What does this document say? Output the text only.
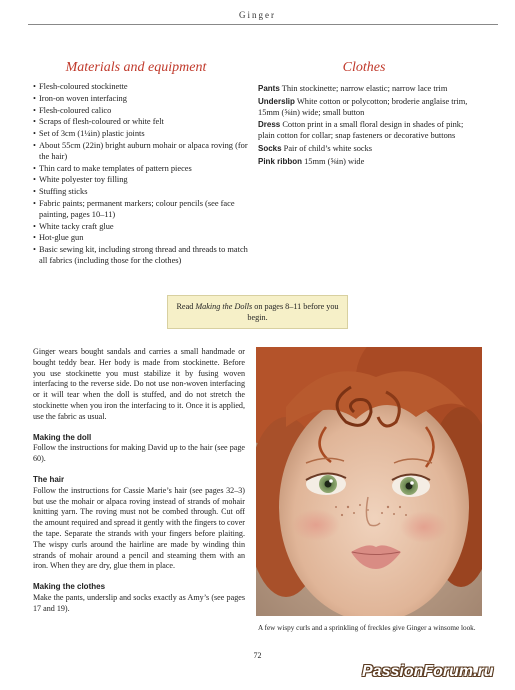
Ginger
Materials and equipment
• Flesh-coloured stockinette
• Iron-on woven interfacing
• Flesh-coloured calico
• Scraps of flesh-coloured or white felt
• Set of 3cm (1¼in) plastic joints
• About 55cm (22in) bright auburn mohair or alpaca roving (for the hair)
• Thin card to make templates of pattern pieces
• White polyester toy filling
• Stuffing sticks
• Fabric paints; permanent markers; colour pencils (see face painting, pages 10–11)
• White tacky craft glue
• Hot-glue gun
• Basic sewing kit, including strong thread and threads to match all fabrics (including those for the clothes)
Clothes

Pants Thin stockinette; narrow elastic; narrow lace trim

Underslip White cotton or polycotton; broderie anglaise trim, 15mm (⅝in) wide; small button

Dress Cotton print in a small floral design in shades of pink; plain cotton for collar; snap fasteners or decorative buttons

Socks Pair of child’s white socks

Pink ribbon 15mm (⅝in) wide

Read Making the Dolls on pages 8–11 before you begin.

Ginger wears bought sandals and carries a small handmade or bought teddy bear. Her body is made from stockinette. Before you use stockinette you must stabilize it by fusing woven interfacing to the reverse side. Do not use non-woven interfacing or it will tear when the doll is stuffed, and do not stretch the stockinette when you iron the interfacing to it. Once it is applied, use the fabric as usual.

Making the doll
Follow the instructions for making David up to the hair (see page 60).
The hair
Follow the instructions for Cassie Marie’s hair (see pages 32–3) but use the mohair or alpaca roving instead of strands of mohair knitting yarn. The roving must not be combed through. Cut off the amount required and spread it gently with the fingers to cover the tape. Separate the strands with your fingers before plaiting. The wispy curls around the hairline are made by winding thin strands of mohair around a pencil and steaming them with an iron. When they are dry, glue them in place.
Making the clothes
Make the pants, underslip and socks exactly as Amy’s (see pages 17 and 19).
A few wispy curls and a sprinkling of freckles give Ginger a winsome look.
72
PassionForum.ru
